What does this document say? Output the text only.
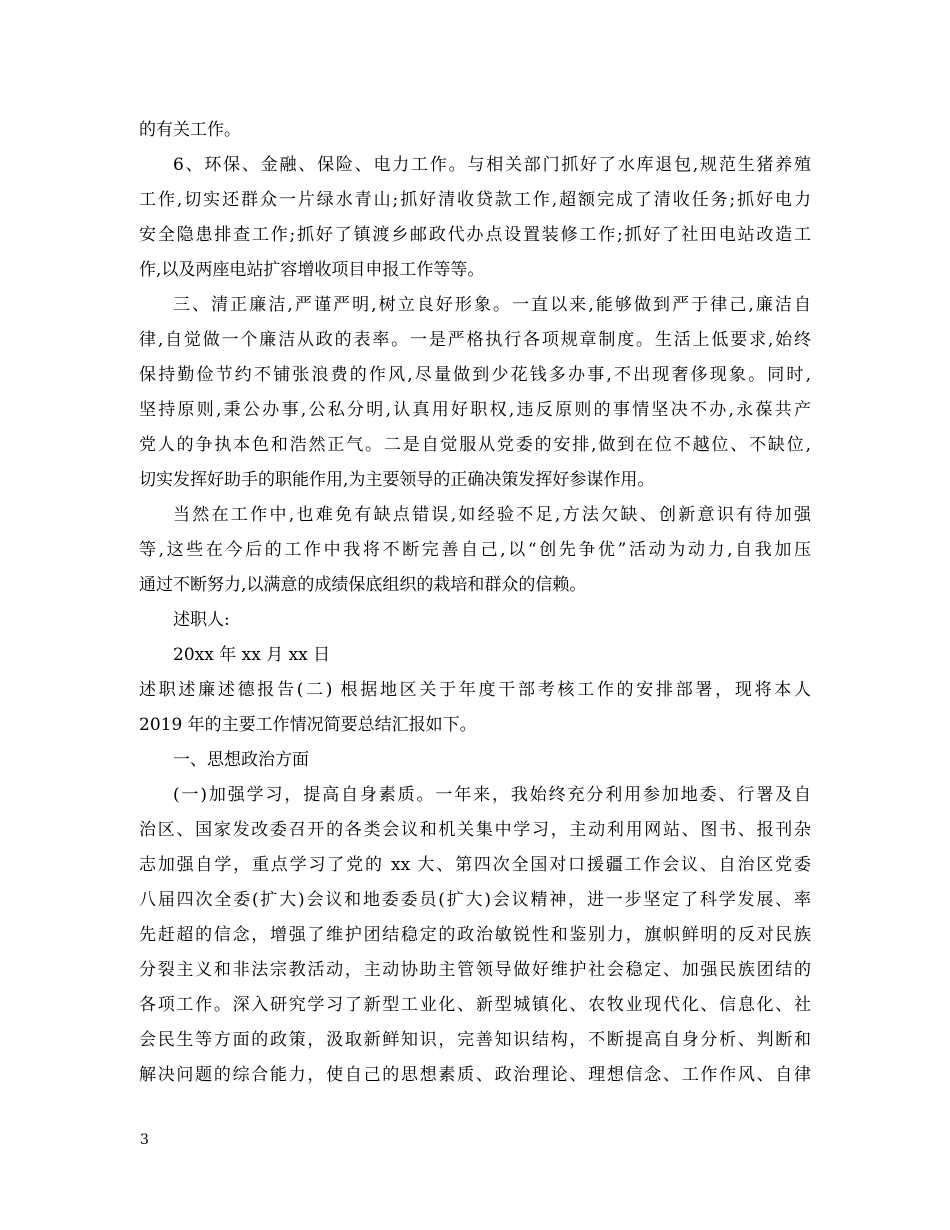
的有关工作。
6、环保、金融、保险、电力工作。与相关部门抓好了水库退包,规范生猪养殖
工作,切实还群众一片绿水青山;抓好清收贷款工作,超额完成了清收任务;抓好电力
安全隐患排查工作;抓好了镇渡乡邮政代办点设置装修工作;抓好了社田电站改造工
作,以及两座电站扩容增收项目申报工作等等。
三、清正廉洁,严谨严明,树立良好形象。一直以来,能够做到严于律己,廉洁自
律,自觉做一个廉洁从政的表率。一是严格执行各项规章制度。生活上低要求,始终
保持勤俭节约不铺张浪费的作风,尽量做到少花钱多办事,不出现奢侈现象。同时,
坚持原则,秉公办事,公私分明,认真用好职权,违反原则的事情坚决不办,永葆共产
党人的争执本色和浩然正气。二是自觉服从党委的安排,做到在位不越位、不缺位,
切实发挥好助手的职能作用,为主要领导的正确决策发挥好参谋作用。
当然在工作中,也难免有缺点错误,如经验不足,方法欠缺、创新意识有待加强
等,这些在今后的工作中我将不断完善自己,以“创先争优”活动为动力,自我加压
通过不断努力,以满意的成绩保底组织的栽培和群众的信赖。
述职人:
20xx 年 xx 月 xx 日
述职述廉述德报告(二) 根据地区关于年度干部考核工作的安排部署，现将本人
2019 年的主要工作情况简要总结汇报如下。
一、思想政治方面
(一)加强学习，提高自身素质。一年来，我始终充分利用参加地委、行署及自
治区、国家发改委召开的各类会议和机关集中学习，主动利用网站、图书、报刊杂
志加强自学，重点学习了党的 xx 大、第四次全国对口援疆工作会议、自治区党委
八届四次全委(扩大)会议和地委委员(扩大)会议精神，进一步坚定了科学发展、率
先赶超的信念，增强了维护团结稳定的政治敏锐性和鉴别力，旗帜鲜明的反对民族
分裂主义和非法宗教活动，主动协助主管领导做好维护社会稳定、加强民族团结的
各项工作。深入研究学习了新型工业化、新型城镇化、农牧业现代化、信息化、社
会民生等方面的政策，汲取新鲜知识，完善知识结构，不断提高自身分析、判断和
解决问题的综合能力，使自己的思想素质、政治理论、理想信念、工作作风、自律
3
